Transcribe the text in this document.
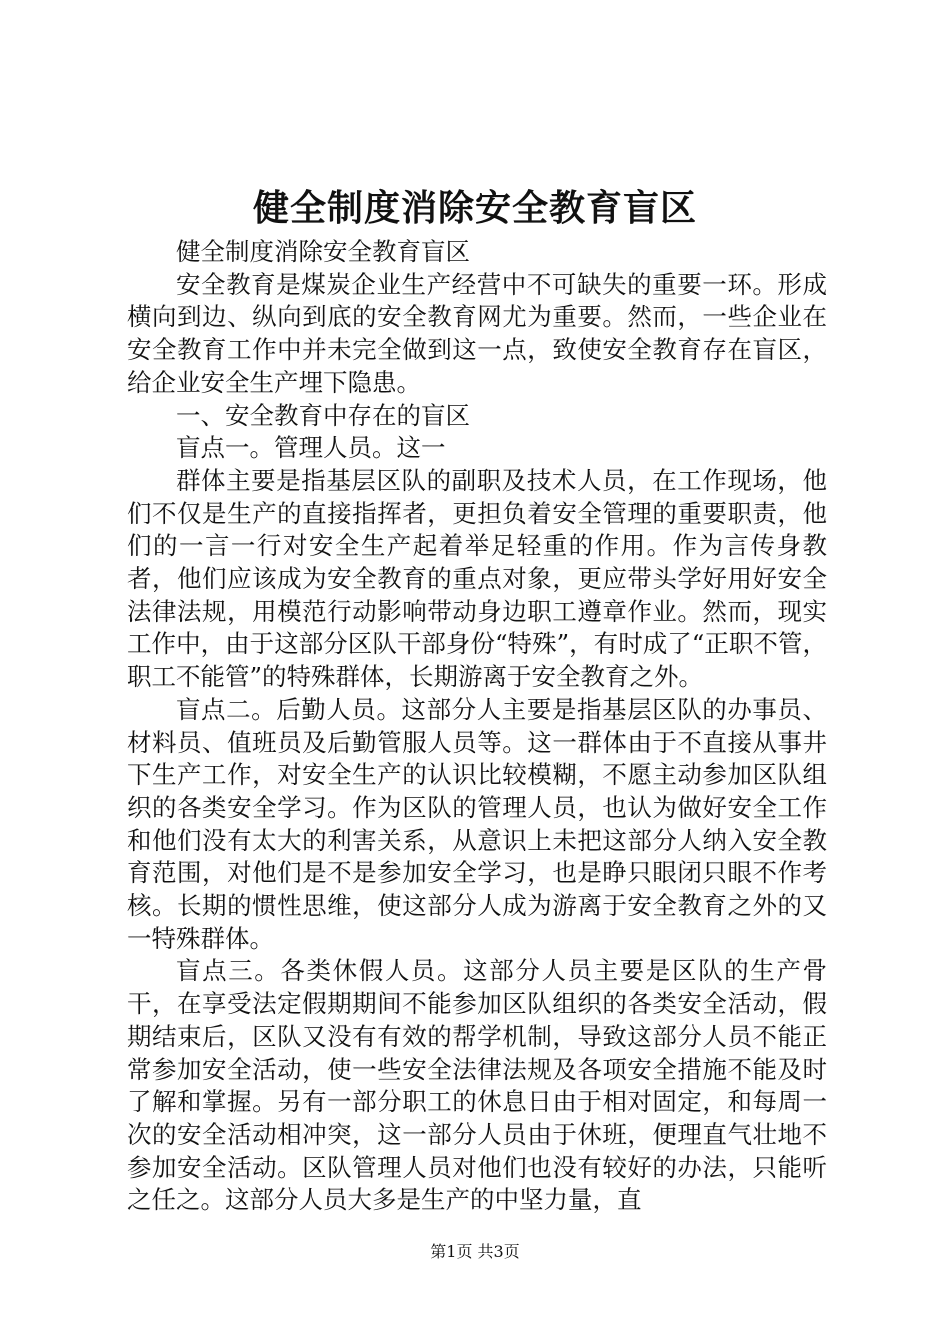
健全制度消除安全教育盲区

健全制度消除安全教育盲区

安全教育是煤炭企业生产经营中不可缺失的重要一环。形成横向到边、纵向到底的安全教育网尤为重要。然而，一些企业在安全教育工作中并未完全做到这一点，致使安全教育存在盲区，给企业安全生产埋下隐患。

一、安全教育中存在的盲区

盲点一。管理人员。这一

群体主要是指基层区队的副职及技术人员，在工作现场，他们不仅是生产的直接指挥者，更担负着安全管理的重要职责，他们的一言一行对安全生产起着举足轻重的作用。作为言传身教者，他们应该成为安全教育的重点对象，更应带头学好用好安全法律法规，用模范行动影响带动身边职工遵章作业。然而，现实工作中，由于这部分区队干部身份“特殊”，有时成了“正职不管，职工不能管”的特殊群体，长期游离于安全教育之外。

盲点二。后勤人员。这部分人主要是指基层区队的办事员、材料员、值班员及后勤管服人员等。这一群体由于不直接从事井下生产工作，对安全生产的认识比较模糊，不愿主动参加区队组织的各类安全学习。作为区队的管理人员，也认为做好安全工作和他们没有太大的利害关系，从意识上未把这部分人纳入安全教育范围，对他们是不是参加安全学习，也是睁只眼闭只眼不作考核。长期的惯性思维，使这部分人成为游离于安全教育之外的又一特殊群体。

盲点三。各类休假人员。这部分人员主要是区队的生产骨干，在享受法定假期期间不能参加区队组织的各类安全活动，假期结束后，区队又没有有效的帮学机制，导致这部分人员不能正常参加安全活动，使一些安全法律法规及各项安全措施不能及时了解和掌握。另有一部分职工的休息日由于相对固定，和每周一次的安全活动相冲突，这一部分人员由于休班，便理直气壮地不参加安全活动。区队管理人员对他们也没有较好的办法，只能听之任之。这部分人员大多是生产的中坚力量，直

第1页 共3页
